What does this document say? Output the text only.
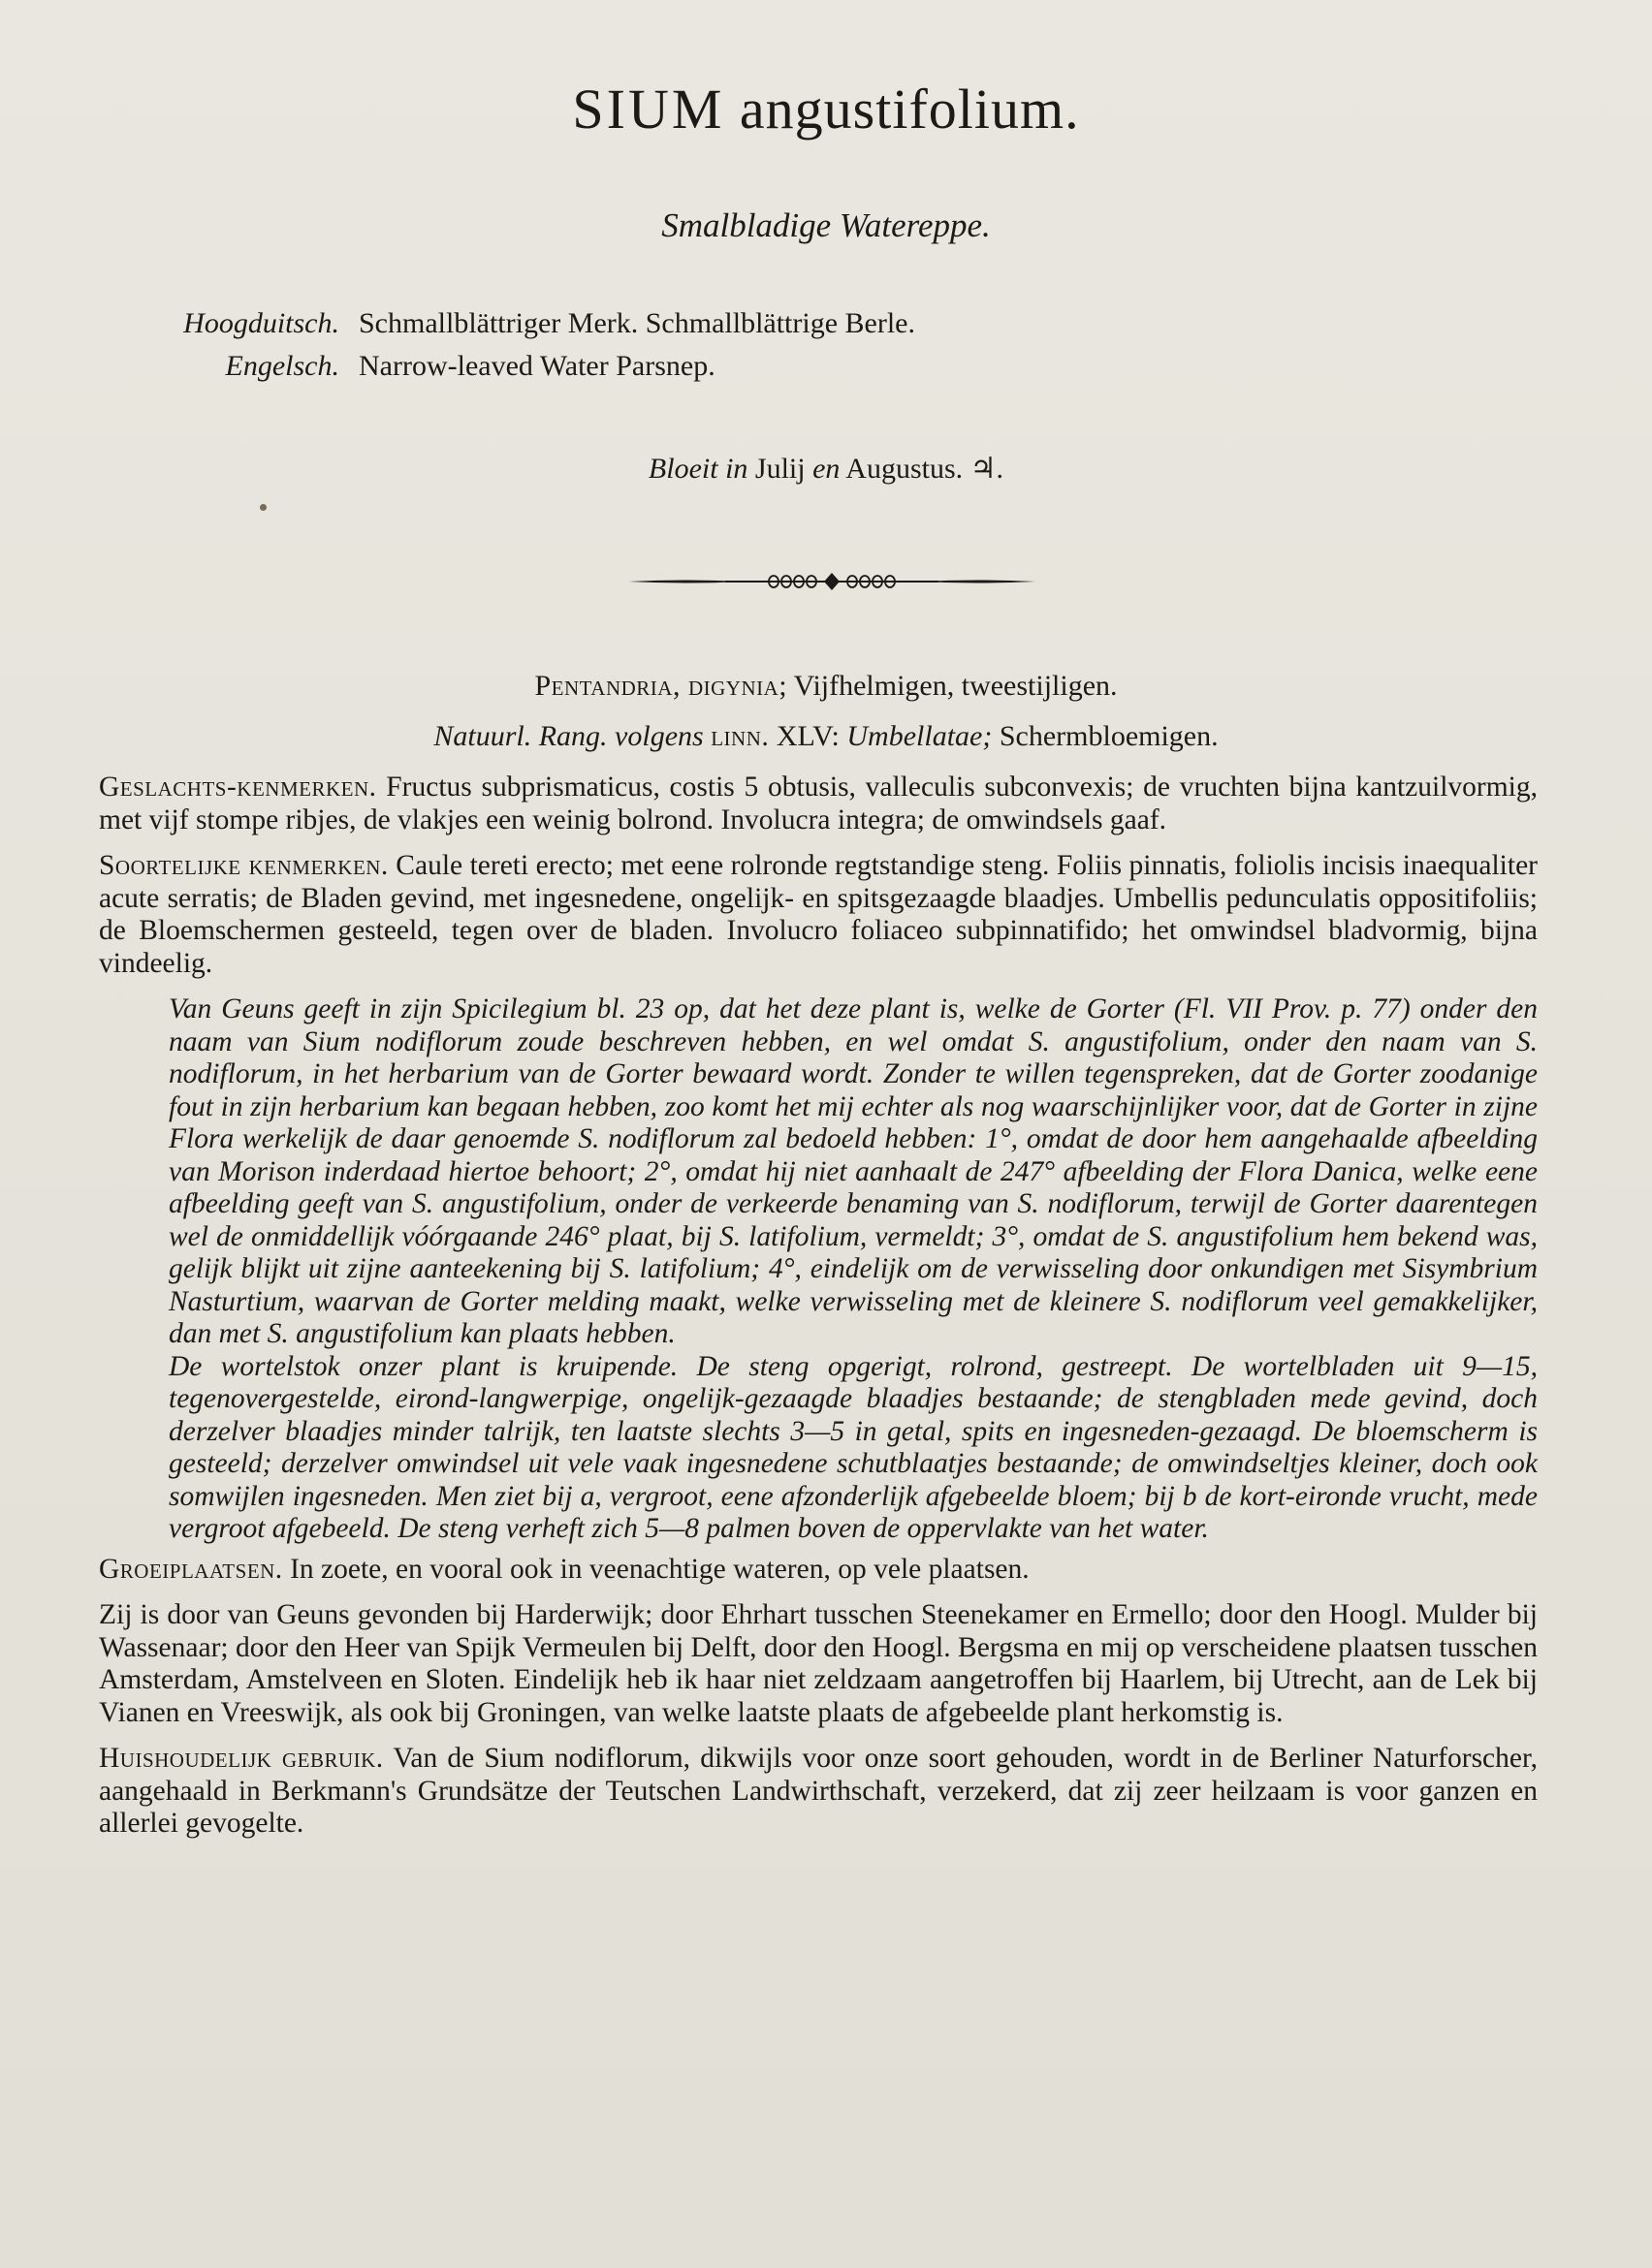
SIUM angustifolium.
Smalbladige Watereppe.
Hoogduitsch. Schmallblättriger Merk. Schmallblättrige Berle.
Engelsch. Narrow-leaved Water Parsnep.
Bloeit in Julij en Augustus. ♃.
Pentandria, digynia; Vijfhelmigen, tweestijligen.
Natuurl. Rang. volgens linn. XLV: Umbellatae; Schermbloemigen.

Geslachts-kenmerken. Fructus subprismaticus, costis 5 obtusis, valleculis subconvexis; de vruchten bijna kantzuilvormig, met vijf stompe ribjes, de vlakjes een weinig bolrond. Involucra integra; de omwindsels gaaf.

Soortelijke kenmerken. Caule tereti erecto; met eene rolronde regtstandige steng. Foliis pinnatis, foliolis incisis inaequaliter acute serratis; de Bladen gevind, met ingesnedene, ongelijk- en spitsgezaagde blaadjes. Umbellis pedunculatis oppositifoliis; de Bloemschermen gesteeld, tegen over de bladen. Involucro foliaceo subpinnatifido; het omwindsel bladvormig, bijna vindeelig.

Van Geuns geeft in zijn Spicilegium bl. 23 op, dat het deze plant is, welke de Gorter (Fl. VII Prov. p. 77) onder den naam van Sium nodiflorum zoude beschreven hebben, en wel omdat S. angustifolium, onder den naam van S. nodiflorum, in het herbarium van de Gorter bewaard wordt. Zonder te willen tegenspreken, dat de Gorter zoodanige fout in zijn herbarium kan begaan hebben, zoo komt het mij echter als nog waarschijnlijker voor, dat de Gorter in zijne Flora werkelijk de daar genoemde S. nodiflorum zal bedoeld hebben: 1°, omdat de door hem aangehaalde afbeelding van Morison inderdaad hiertoe behoort; 2°, omdat hij niet aanhaalt de 247° afbeelding der Flora Danica, welke eene afbeelding geeft van S. angustifolium, onder de verkeerde benaming van S. nodiflorum, terwijl de Gorter daarentegen wel de onmiddellijk vóórgaande 246° plaat, bij S. latifolium, vermeldt; 3°, omdat de S. angustifolium hem bekend was, gelijk blijkt uit zijne aanteekening bij S. latifolium; 4°, eindelijk om de verwisseling door onkundigen met Sisymbrium Nasturtium, waarvan de Gorter melding maakt, welke verwisseling met de kleinere S. nodiflorum veel gemakkelijker, dan met S. angustifolium kan plaats hebben.

De wortelstok onzer plant is kruipende. De steng opgerigt, rolrond, gestreept. De wortelbladen uit 9—15, tegenovergestelde, eirond-langwerpige, ongelijk-gezaagde blaadjes bestaande; de stengbladen mede gevind, doch derzelver blaadjes minder talrijk, ten laatste slechts 3—5 in getal, spits en ingesneden-gezaagd. De bloemscherm is gesteeld; derzelver omwindsel uit vele vaak ingesnedene schutblaatjes bestaande; de omwindseltjes kleiner, doch ook somwijlen ingesneden. Men ziet bij a, vergroot, eene afzonderlijk afgebeelde bloem; bij b de kort-eironde vrucht, mede vergroot afgebeeld. De steng verheft zich 5—8 palmen boven de oppervlakte van het water.

Groeiplaatsen. In zoete, en vooral ook in veenachtige wateren, op vele plaatsen.

Zij is door van Geuns gevonden bij Harderwijk; door Ehrhart tusschen Steenekamer en Ermello; door den Hoogl. Mulder bij Wassenaar; door den Heer van Spijk Vermeulen bij Delft, door den Hoogl. Bergsma en mij op verscheidene plaatsen tusschen Amsterdam, Amstelveen en Sloten. Eindelijk heb ik haar niet zeldzaam aangetroffen bij Haarlem, bij Utrecht, aan de Lek bij Vianen en Vreeswijk, als ook bij Groningen, van welke laatste plaats de afgebeelde plant herkomstig is.

Huishoudelijk gebruik. Van de Sium nodiflorum, dikwijls voor onze soort gehouden, wordt in de Berliner Naturforscher, aangehaald in Berkmann's Grundsätze der Teutschen Landwirthschaft, verzekerd, dat zij zeer heilzaam is voor ganzen en allerlei gevogelte.
